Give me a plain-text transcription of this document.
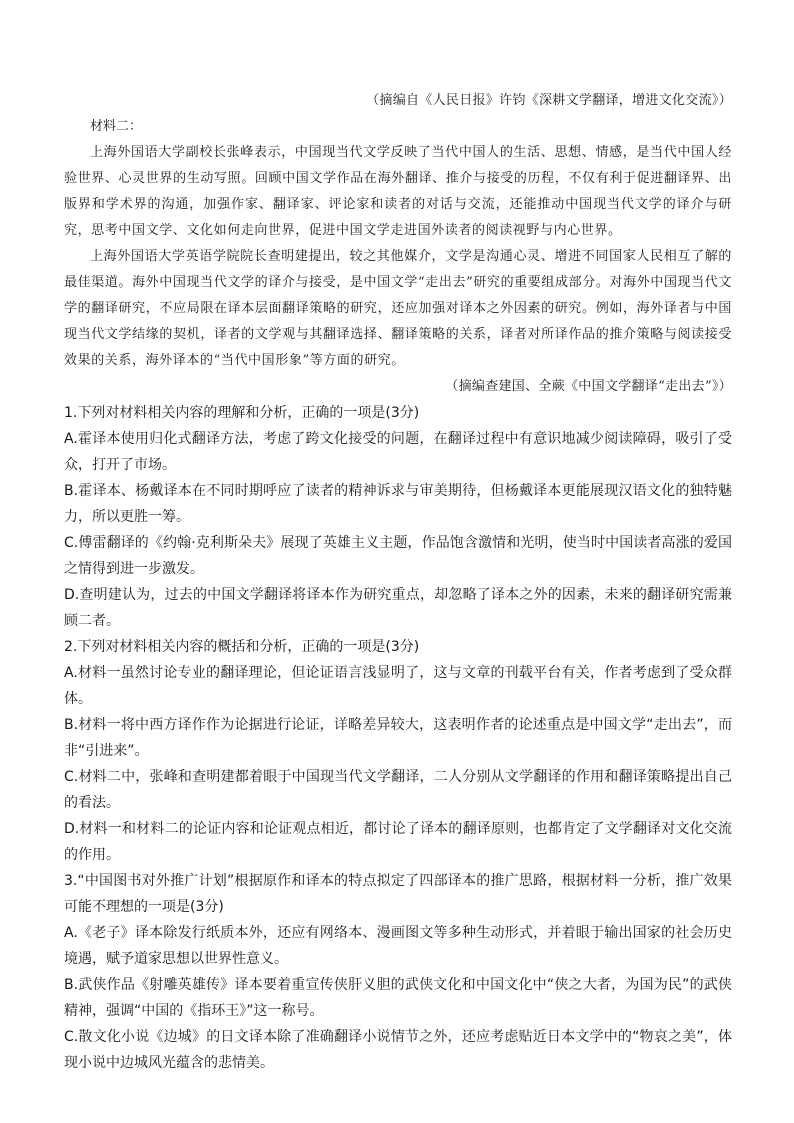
（摘编自《人民日报》许钧《深耕文学翻译，增进文化交流》）
材料二：

上海外国语大学副校长张峰表示，中国现当代文学反映了当代中国人的生活、思想、情感，是当代中国人经验世界、心灵世界的生动写照。回顾中国文学作品在海外翻译、推介与接受的历程，不仅有利于促进翻译界、出版界和学术界的沟通，加强作家、翻译家、评论家和读者的对话与交流，还能推动中国现当代文学的译介与研究，思考中国文学、文化如何走向世界，促进中国文学走进国外读者的阅读视野与内心世界。

上海外国语大学英语学院院长查明建提出，较之其他媒介，文学是沟通心灵、增进不同国家人民相互了解的最佳渠道。海外中国现当代文学的译介与接受，是中国文学“走出去”研究的重要组成部分。对海外中国现当代文学的翻译研究，不应局限在译本层面翻译策略的研究，还应加强对译本之外因素的研究。例如，海外译者与中国现当代文学结缘的契机，译者的文学观与其翻译选择、翻译策略的关系，译者对所译作品的推介策略与阅读接受效果的关系，海外译本的“当代中国形象”等方面的研究。

（摘编查建国、全蕨《中国文学翻译“走出去”》）

1.下列对材料相关内容的理解和分析，正确的一项是(3分)

A.霍译本使用归化式翻译方法，考虑了跨文化接受的问题，在翻译过程中有意识地减少阅读障碍，吸引了受众，打开了市场。

B.霍译本、杨戴译本在不同时期呼应了读者的精神诉求与审美期待，但杨戴译本更能展现汉语文化的独特魅力，所以更胜一筹。

C.傅雷翻译的《约翰·克利斯朵夫》展现了英雄主义主题，作品饱含激情和光明，使当时中国读者高涨的爱国之情得到进一步激发。

D.查明建认为，过去的中国文学翻译将译本作为研究重点，却忽略了译本之外的因素，未来的翻译研究需兼顾二者。

2.下列对材料相关内容的概括和分析，正确的一项是(3分)

A.材料一虽然讨论专业的翻译理论，但论证语言浅显明了，这与文章的刊载平台有关，作者考虑到了受众群体。

B.材料一将中西方译作作为论据进行论证，详略差异较大，这表明作者的论述重点是中国文学“走出去”，而非“引进来”。

C.材料二中，张峰和查明建都着眼于中国现当代文学翻译，二人分别从文学翻译的作用和翻译策略提出自己的看法。

D.材料一和材料二的论证内容和论证观点相近，都讨论了译本的翻译原则，也都肯定了文学翻译对文化交流的作用。

3.“中国图书对外推广计划”根据原作和译本的特点拟定了四部译本的推广思路，根据材料一分析，推广效果可能不理想的一项是(3分)

A.《老子》译本除发行纸质本外，还应有网络本、漫画图文等多种生动形式，并着眼于输出国家的社会历史境遇，赋予道家思想以世界性意义。

B.武侠作品《射雕英雄传》译本要着重宣传侠肝义胆的武侠文化和中国文化中“侠之大者，为国为民”的武侠精神，强调“中国的《指环王》”这一称号。

C.散文化小说《边城》的日文译本除了准确翻译小说情节之外，还应考虑贴近日本文学中的“物哀之美”，体现小说中边城风光蕴含的悲情美。
